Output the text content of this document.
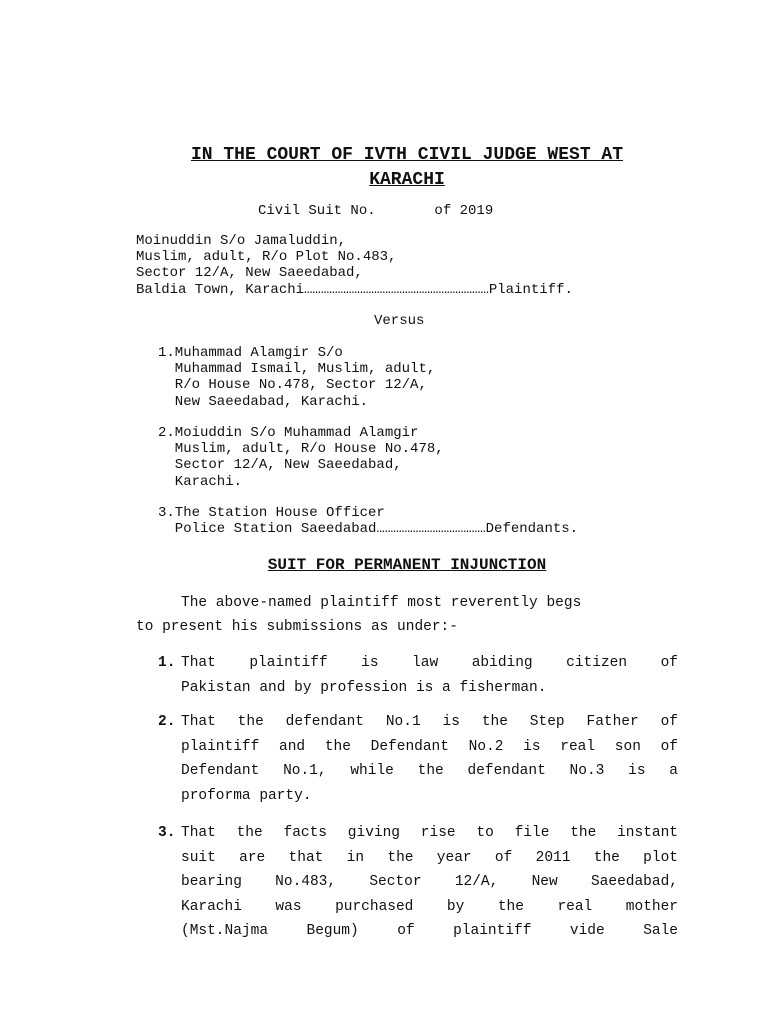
IN THE COURT OF IVTH CIVIL JUDGE WEST AT
KARACHI

Civil Suit No.       of 2019

Moinuddin S/o Jamaluddin,

Muslim, adult, R/o Plot No.483,

Sector 12/A, New Saeedabad,

Baldia Town, Karachi…………………………………………………………Plaintiff.

Versus

1.Muhammad Alamgir S/o

Muhammad Ismail, Muslim, adult,

R/o House No.478, Sector 12/A,

New Saeedabad, Karachi.

2.Moiuddin S/o Muhammad Alamgir

Muslim, adult, R/o House No.478,

Sector 12/A, New Saeedabad,

Karachi.

3.The Station House Officer

Police Station Saeedabad…………………………………Defendants.

SUIT FOR PERMANENT INJUNCTION

The above-named plaintiff most reverently begs

to present his submissions as under:-

1. That plaintiff is law abiding citizen of
Pakistan and by profession is a fisherman.
2. That the defendant No.1 is the Step Father of
plaintiff and the Defendant No.2 is real son of
Defendant No.1, while the defendant No.3 is a
proforma party.
3. That the facts giving rise to file the instant
suit are that in the year of 2011 the plot
bearing No.483, Sector 12/A, New Saeedabad,
Karachi was purchased by the real mother
(Mst.Najma Begum) of plaintiff vide Sale
